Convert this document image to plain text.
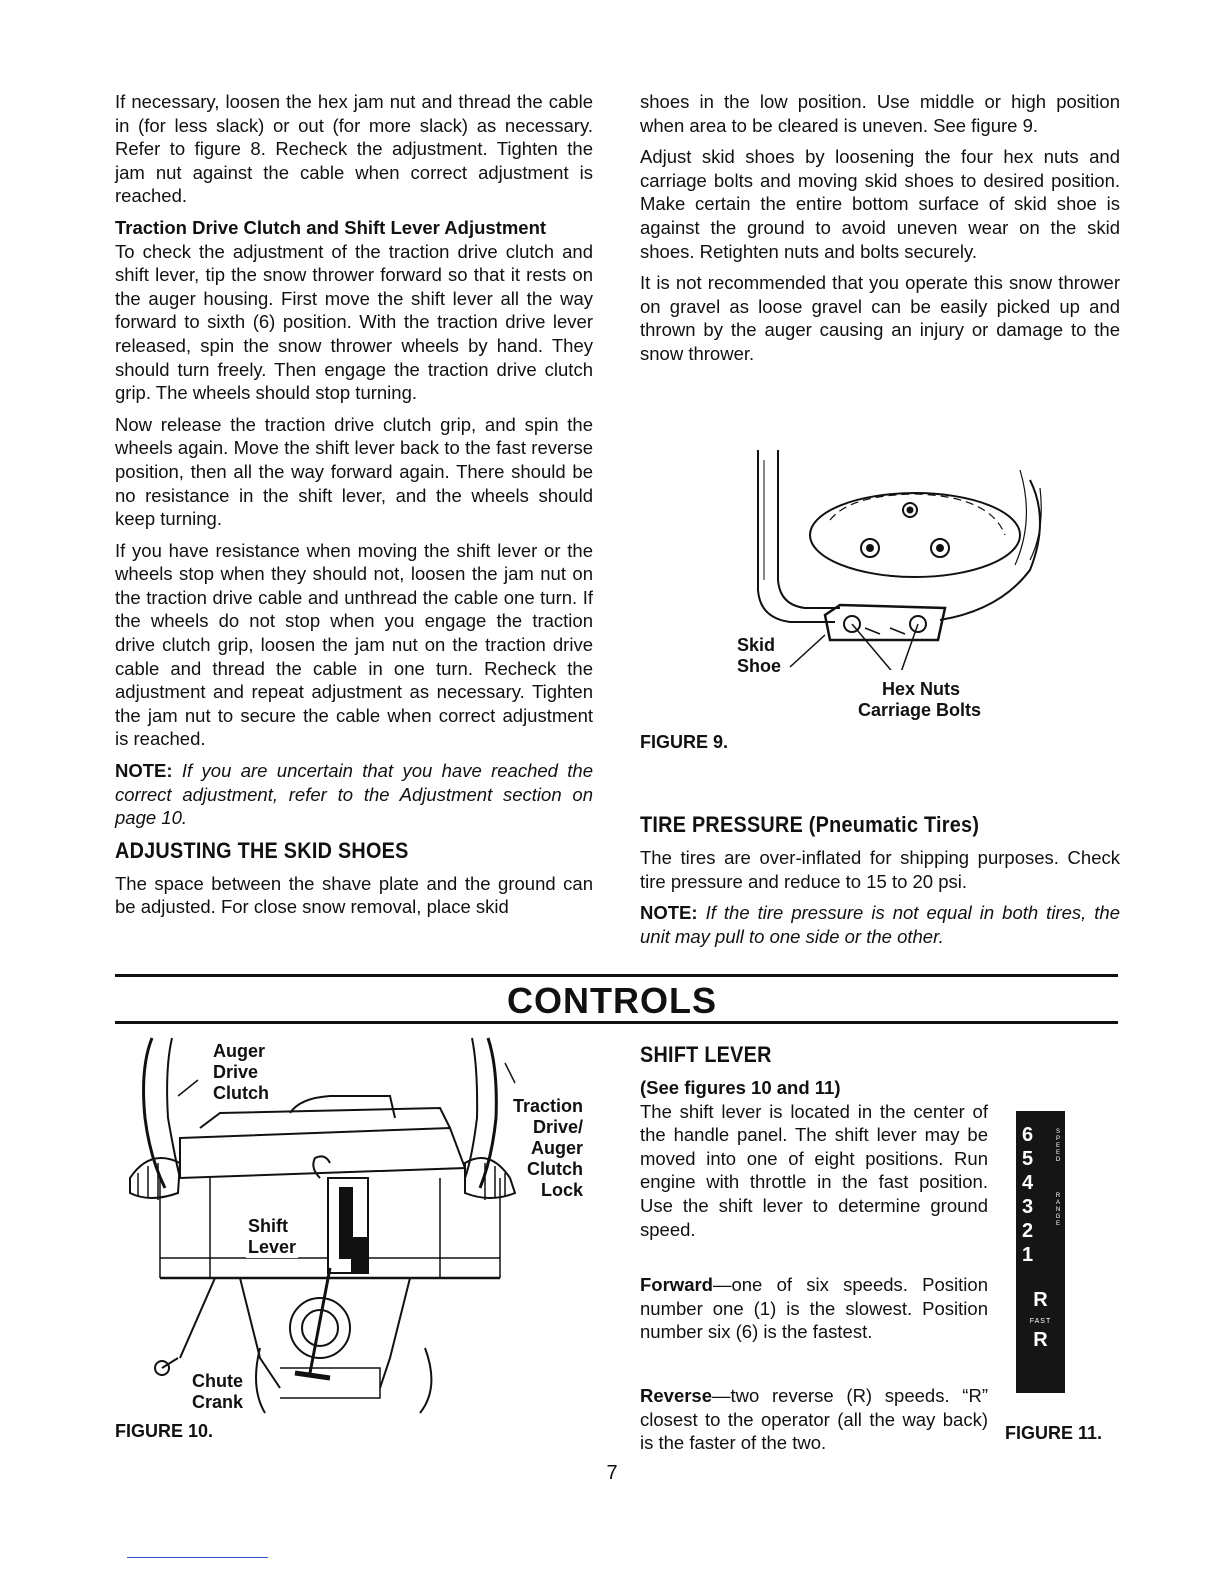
If necessary, loosen the hex jam nut and thread the cable in (for less slack) or out (for more slack) as necessary. Refer to figure 8. Recheck the adjustment. Tighten the jam nut against the cable when correct adjustment is reached.

Traction Drive Clutch and Shift Lever Adjustment

To check the adjustment of the traction drive clutch and shift lever, tip the snow thrower forward so that it rests on the auger housing. First move the shift lever all the way forward to sixth (6) position. With the traction drive lever released, spin the snow thrower wheels by hand. They should turn freely. Then engage the traction drive clutch grip. The wheels should stop turning.

Now release the traction drive clutch grip, and spin the wheels again. Move the shift lever back to the fast reverse position, then all the way forward again. There should be no resistance in the shift lever, and the wheels should keep turning.

If you have resistance when moving the shift lever or the wheels stop when they should not, loosen the jam nut on the traction drive cable and unthread the cable one turn. If the wheels do not stop when you engage the traction drive clutch grip, loosen the jam nut on the traction drive cable and thread the cable in one turn. Recheck the adjustment and repeat adjustment as necessary. Tighten the jam nut to secure the cable when correct adjustment is reached.

NOTE: If you are uncertain that you have reached the correct adjustment, refer to the Adjustment section on page 10.

ADJUSTING THE SKID SHOES

The space between the shave plate and the ground can be adjusted. For close snow removal, place skid

shoes in the low position. Use middle or high position when area to be cleared is uneven. See figure 9.

Adjust skid shoes by loosening the four hex nuts and carriage bolts and moving skid shoes to desired position. Make certain the entire bottom surface of skid shoe is against the ground to avoid uneven wear on the skid shoes. Retighten nuts and bolts securely.

It is not recommended that you operate this snow thrower on gravel as loose gravel can be easily picked up and thrown by the auger causing an injury or damage to the snow thrower.

Skid
Shoe
Hex Nuts
Carriage Bolts
FIGURE 9.

TIRE PRESSURE (Pneumatic Tires)

The tires are over-inflated for shipping purposes. Check tire pressure and reduce to 15 to 20 psi.

NOTE: If the tire pressure is not equal in both tires, the unit may pull to one side or the other.

CONTROLS
Auger
Drive
Clutch
Traction
Drive/
Auger
Clutch
Lock
Shift
Lever
Chute
Crank
FIGURE 10.

SHIFT LEVER

(See figures 10 and 11)

The shift lever is located in the center of the handle panel. The shift lever may be moved into one of eight positions. Run engine with throttle in the fast position. Use the shift lever to determine ground speed.

Forward—one of six speeds. Position number one (1) is the slowest. Position number six (6) is the fastest.

Reverse—two reverse (R) speeds. “R” closest to the operator (all the way back) is the faster of the two.

6
5
4
3
2
1
S
P
E
E
D
R
A
N
G
E
R
FAST
R
FIGURE 11.
7
